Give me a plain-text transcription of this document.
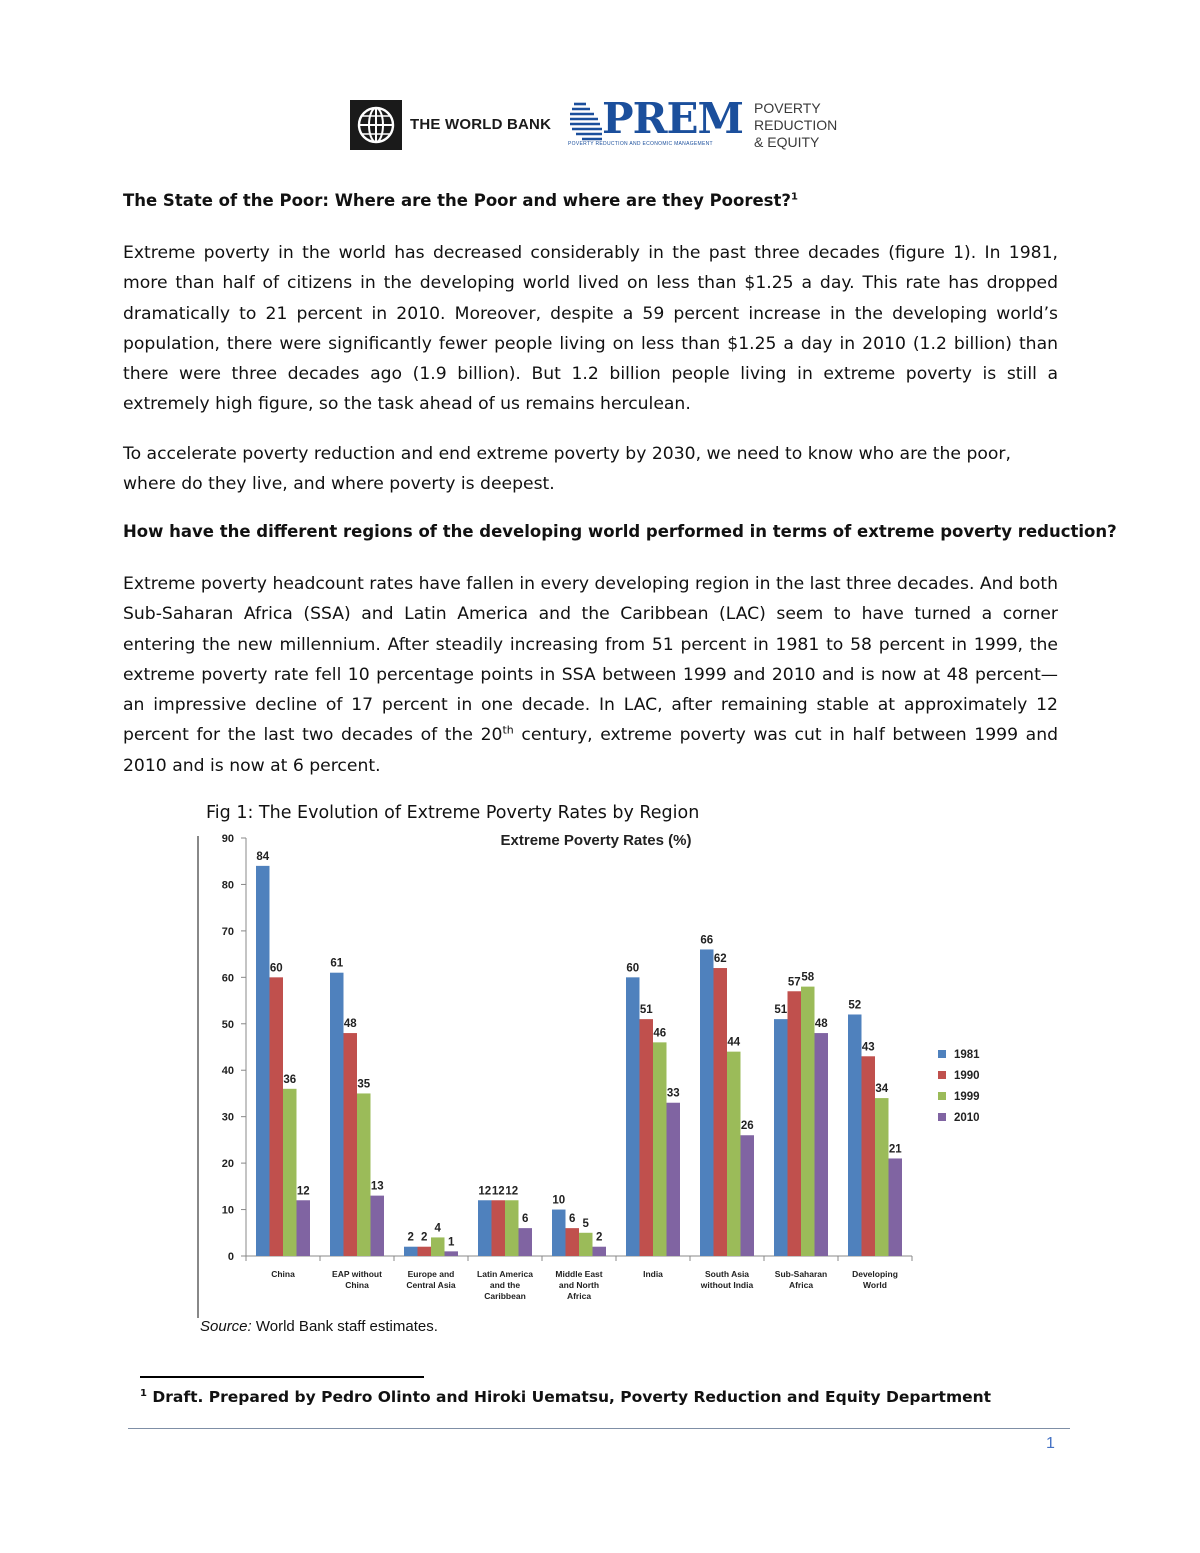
THE WORLD BANK PREM
POVERTY REDUCTION AND ECONOMIC MANAGEMENT
POVERTY
REDUCTION
& EQUITY
The State of the Poor: Where are the Poor and where are they Poorest?$^1$
Extreme poverty in the world has decreased considerably in the past three decades (figure 1). In 1981, more than half of citizens in the developing world lived on less than $1.25 a day. This rate has dropped dramatically to 21 percent in 2010. Moreover, despite a 59 percent increase in the developing world’s population, there were significantly fewer people living on less than $1.25 a day in 2010 (1.2 billion) than there were three decades ago (1.9 billion). But 1.2 billion people living in extreme poverty is still a extremely high figure, so the task ahead of us remains herculean.
To accelerate poverty reduction and end extreme poverty by 2030, we need to know who are the poor, where do they live, and where poverty is deepest.
How have the different regions of the developing world performed in terms of extreme poverty reduction?
Extreme poverty headcount rates have fallen in every developing region in the last three decades. And both Sub-Saharan Africa (SSA) and Latin America and the Caribbean (LAC) seem to have turned a corner entering the new millennium. After steadily increasing from 51 percent in 1981 to 58 percent in 1999, the extreme poverty rate fell 10 percentage points in SSA between 1999 and 2010 and is now at 48 percent—an impressive decline of 17 percent in one decade. In LAC, after remaining stable at approximately 12 percent for the last two decades of the 20th century, extreme poverty was cut in half between 1999 and 2010 and is now at 6 percent.
Fig 1: The Evolution of Extreme Poverty Rates by Region
Extreme Poverty Rates (%)
0
10
20
30
40
50
60
70
80
90
84
60
36
12
China
61
48
35
13
EAP without
China
2 2
4
1
Europe and
Central Asia
12 12 12
6
Latin America
and the
Caribbean
10
6 5
2
Middle East
and North
Africa
60
51
46
33
India
66
62
44
26
South Asia
without India
51
57 58
48
Sub-Saharan
Africa
52
43
34
21
Developing
World
1981
1990
1999
2010
Source: World Bank staff estimates.
$^1$ Draft. Prepared by Pedro Olinto and Hiroki Uematsu, Poverty Reduction and Equity Department
1
